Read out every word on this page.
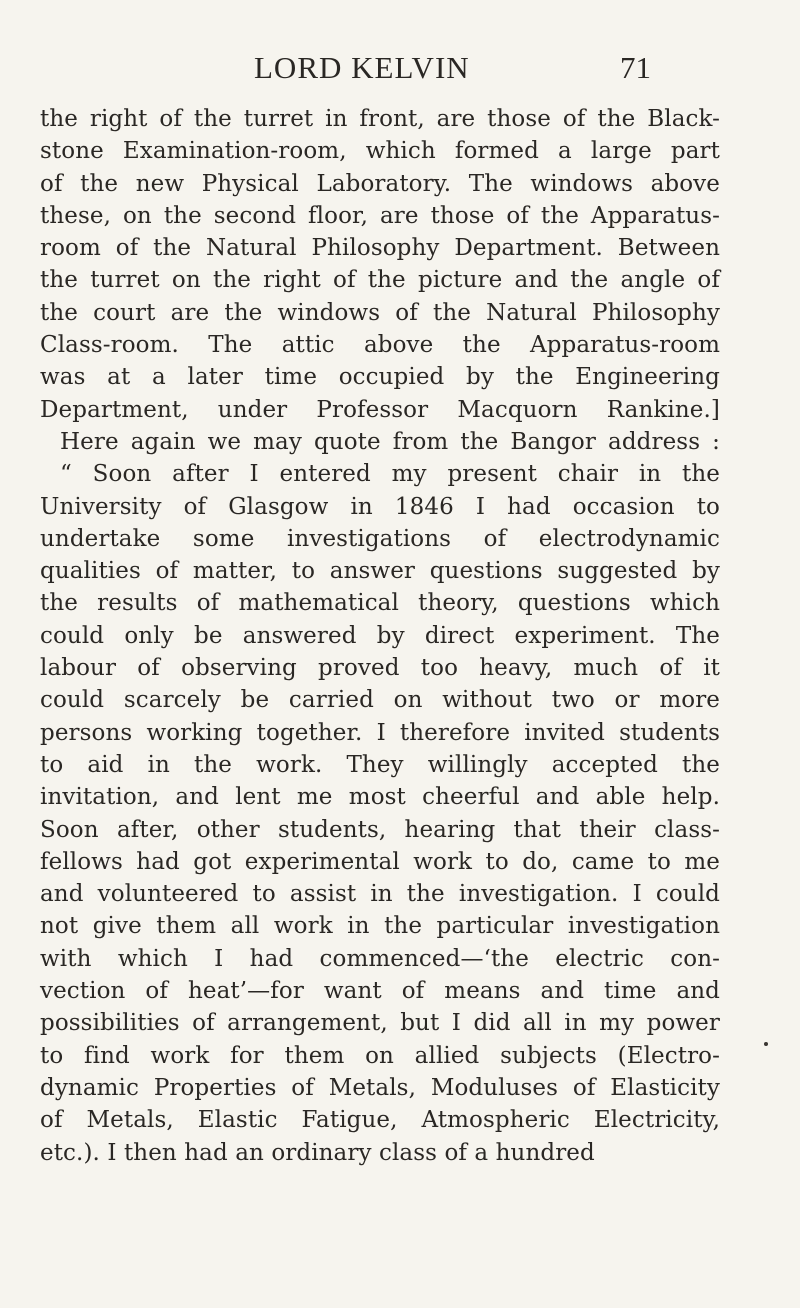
LORD KELVIN	71
the right of the turret in front, are those of the Black-
stone Examination-room, which formed a large part
of the new Physical Laboratory. The windows above
these, on the second floor, are those of the Apparatus-
room of the Natural Philosophy Department. Between
the turret on the right of the picture and the angle of
the court are the windows of the Natural Philosophy
Class-room. The attic above the Apparatus-room
was at a later time occupied by the Engineering
Department, under Professor Macquorn Rankine.]
Here again we may quote from the Bangor address :
“ Soon after I entered my present chair in the
University of Glasgow in 1846 I had occasion to
undertake some investigations of electrodynamic
qualities of matter, to answer questions suggested by
the results of mathematical theory, questions which
could only be answered by direct experiment. The
labour of observing proved too heavy, much of it
could scarcely be carried on without two or more
persons working together. I therefore invited students
to aid in the work. They willingly accepted the
invitation, and lent me most cheerful and able help.
Soon after, other students, hearing that their class-
fellows had got experimental work to do, came to me
and volunteered to assist in the investigation. I could
not give them all work in the particular investigation
with which I had commenced—‘the electric con-
vection of heat’—for want of means and time and
possibilities of arrangement, but I did all in my power
to find work for them on allied subjects (Electro-
dynamic Properties of Metals, Moduluses of Elasticity
of Metals, Elastic Fatigue, Atmospheric Electricity,
etc.). I then had an ordinary class of a hundred
